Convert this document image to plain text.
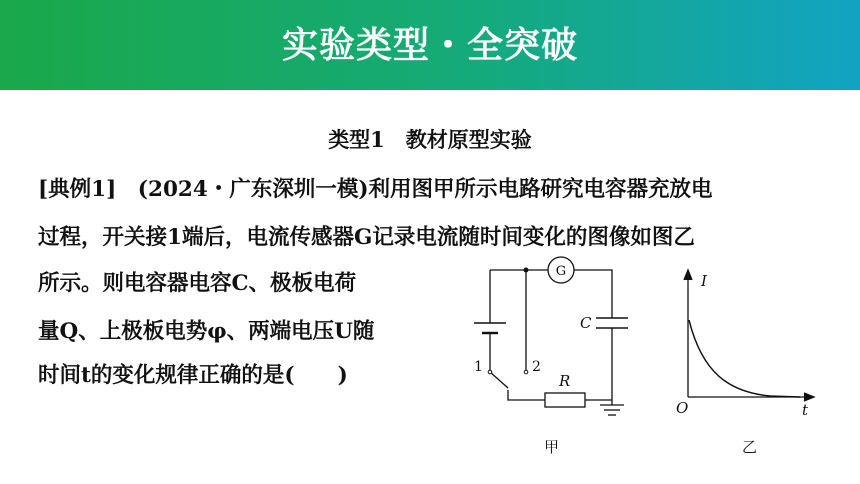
实验类型・全突破
类型1　教材原型实验
[典例1]　(2024・广东深圳一模)利用图甲所示电路研究电容器充放电
过程，开关接1端后，电流传感器G记录电流随时间变化的图像如图乙
所示。则电容器电容C、极板电荷
量Q、上极板电势φ、两端电压U随
时间t的变化规律正确的是(　　)
G
C
R
1	2
I
t
O
甲	乙
